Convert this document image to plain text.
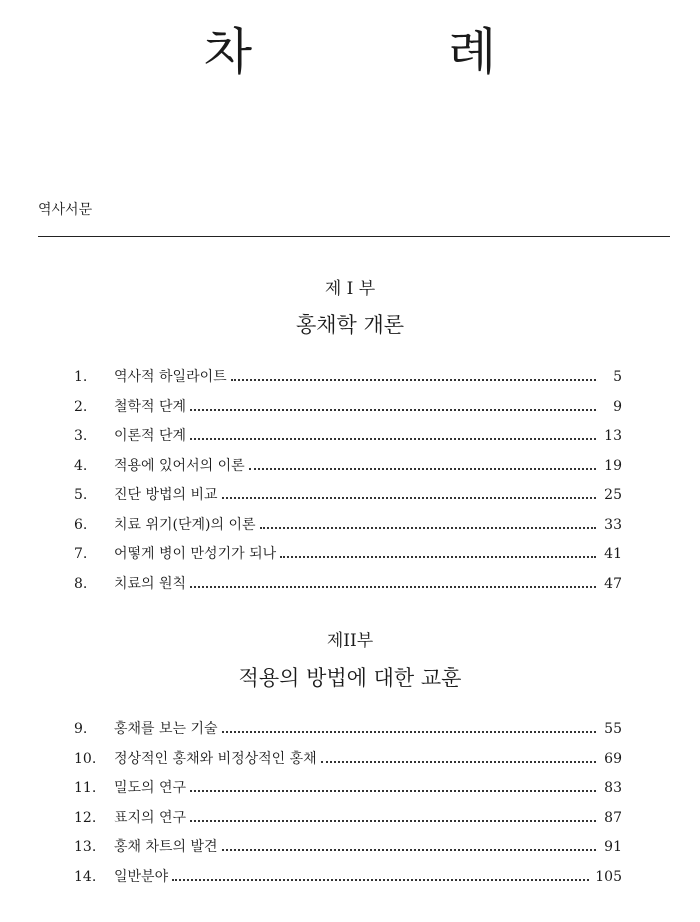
차 례
역사서문
제 I 부
홍채학 개론
1.	역사적 하일라이트	5
2.	철학적 단계	9
3.	이론적 단계	13
4.	적용에 있어서의 이론	19
5.	진단 방법의 비교	25
6.	치료 위기(단계)의 이론	33
7.	어떻게 병이 만성기가 되나	41
8.	치료의 원칙	47
제II부
적용의 방법에 대한 교훈
9.	홍채를 보는 기술	55
10.	정상적인 홍채와 비정상적인 홍채	69
11.	밀도의 연구	83
12.	표지의 연구	87
13.	홍채 차트의 발견	91
14.	일반분야	105
